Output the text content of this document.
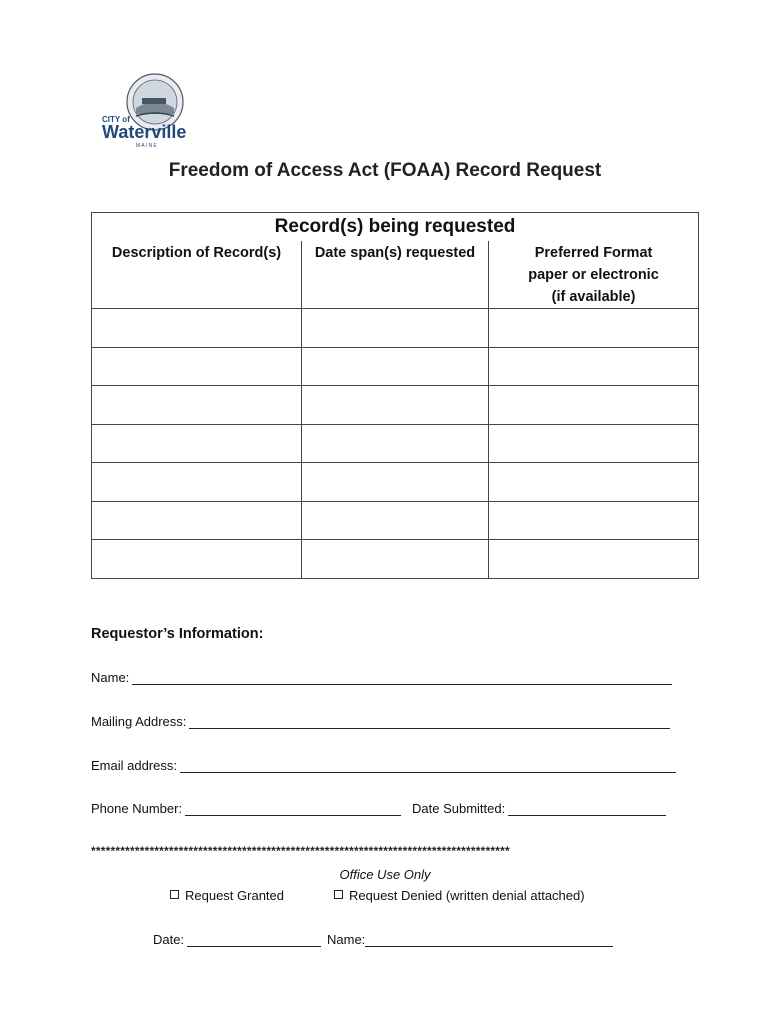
CITY of
Waterville
M A I N E
Freedom of Access Act (FOAA) Record Request
Record(s) being requested		
Description of Record(s)	Date span(s) requested	Preferred Format
paper or electronic
(if available)

Requestor’s Information:
Name:
Mailing Address:
Email address:
Phone Number:	Date Submitted:
**************************************************************************************
Office Use Only
Request Granted	Request Denied (written denial attached)
Date:	Name:
